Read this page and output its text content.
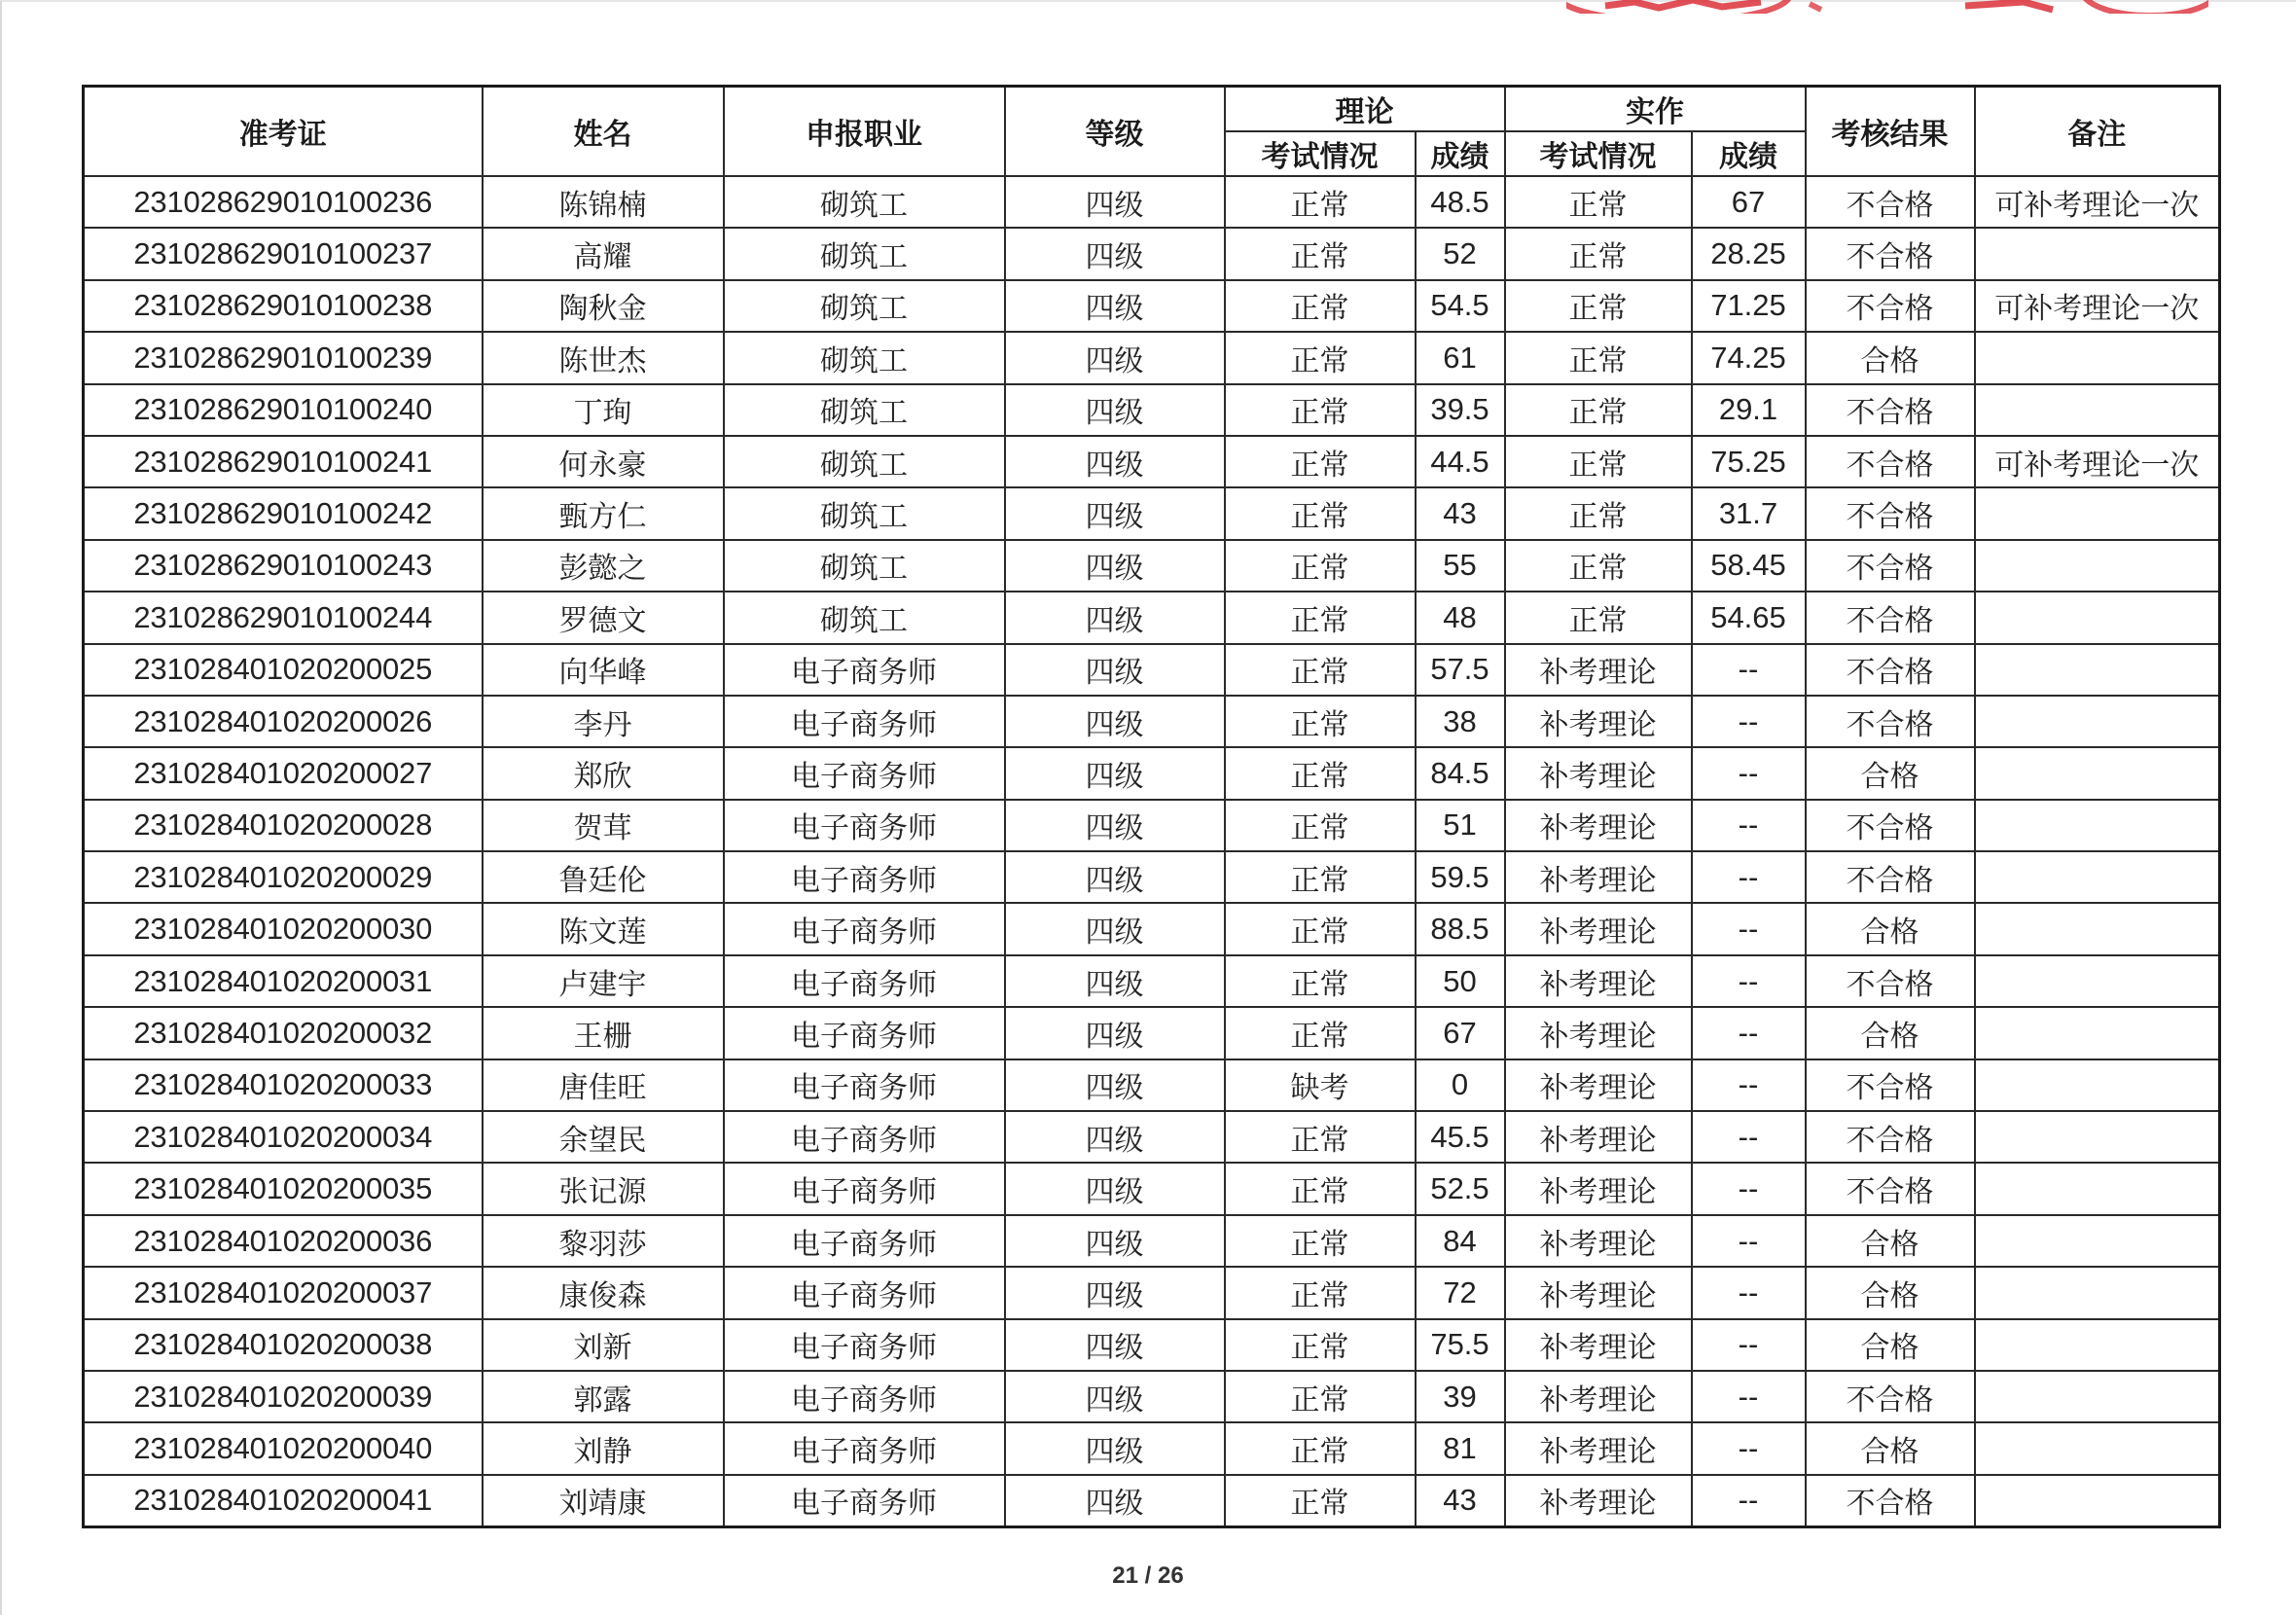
准考证	姓名	申报职业	等级	理论		实作		考核结果	备注
				考试情况	成绩	考试情况	成绩		
231028629010100236	陈锦楠	砌筑工	四级	正常	48.5	正常	67	不合格	可补考理论一次
231028629010100237	高耀	砌筑工	四级	正常	52	正常	28.25	不合格	
231028629010100238	陶秋金	砌筑工	四级	正常	54.5	正常	71.25	不合格	可补考理论一次
231028629010100239	陈世杰	砌筑工	四级	正常	61	正常	74.25	合格	
231028629010100240	丁珣	砌筑工	四级	正常	39.5	正常	29.1	不合格	
231028629010100241	何永豪	砌筑工	四级	正常	44.5	正常	75.25	不合格	可补考理论一次
231028629010100242	甄方仁	砌筑工	四级	正常	43	正常	31.7	不合格	
231028629010100243	彭懿之	砌筑工	四级	正常	55	正常	58.45	不合格	
231028629010100244	罗德文	砌筑工	四级	正常	48	正常	54.65	不合格	
231028401020200025	向华峰	电子商务师	四级	正常	57.5	补考理论	--	不合格	
231028401020200026	李丹	电子商务师	四级	正常	38	补考理论	--	不合格	
231028401020200027	郑欣	电子商务师	四级	正常	84.5	补考理论	--	合格	
231028401020200028	贺茸	电子商务师	四级	正常	51	补考理论	--	不合格	
231028401020200029	鲁廷伦	电子商务师	四级	正常	59.5	补考理论	--	不合格	
231028401020200030	陈文莲	电子商务师	四级	正常	88.5	补考理论	--	合格	
231028401020200031	卢建宇	电子商务师	四级	正常	50	补考理论	--	不合格	
231028401020200032	王栅	电子商务师	四级	正常	67	补考理论	--	合格	
231028401020200033	唐佳旺	电子商务师	四级	缺考	0	补考理论	--	不合格	
231028401020200034	余望民	电子商务师	四级	正常	45.5	补考理论	--	不合格	
231028401020200035	张记源	电子商务师	四级	正常	52.5	补考理论	--	不合格	
231028401020200036	黎羽莎	电子商务师	四级	正常	84	补考理论	--	合格	
231028401020200037	康俊森	电子商务师	四级	正常	72	补考理论	--	合格	
231028401020200038	刘新	电子商务师	四级	正常	75.5	补考理论	--	合格	
231028401020200039	郭露	电子商务师	四级	正常	39	补考理论	--	不合格	
231028401020200040	刘静	电子商务师	四级	正常	81	补考理论	--	合格	
231028401020200041	刘靖康	电子商务师	四级	正常	43	补考理论	--	不合格	
21 / 26
